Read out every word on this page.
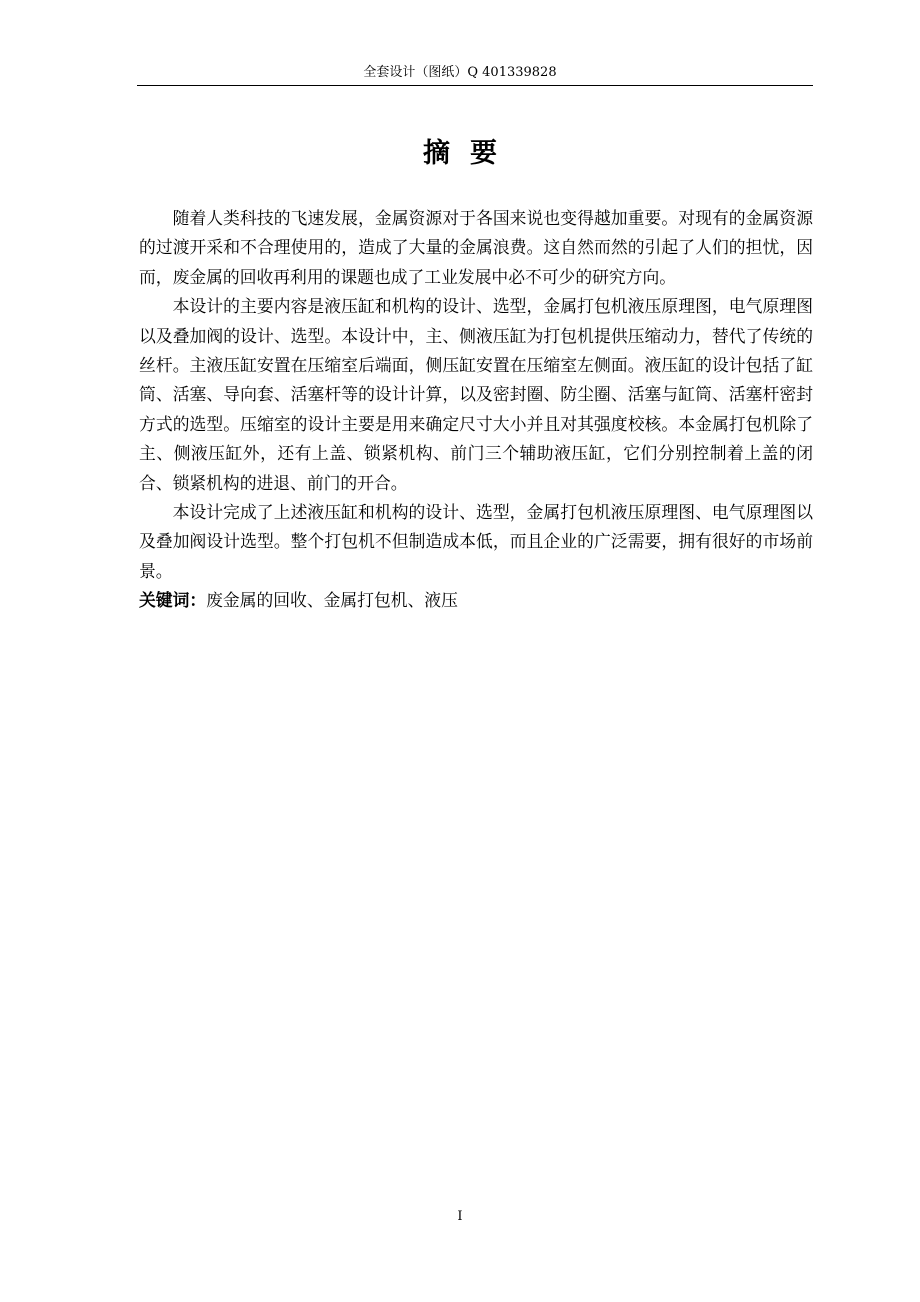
全套设计（图纸）Q 401339828
摘要

随着人类科技的飞速发展，金属资源对于各国来说也变得越加重要。对现有的金属资源的过渡开采和不合理使用的，造成了大量的金属浪费。这自然而然的引起了人们的担忧，因而，废金属的回收再利用的课题也成了工业发展中必不可少的研究方向。

本设计的主要内容是液压缸和机构的设计、选型，金属打包机液压原理图，电气原理图以及叠加阀的设计、选型。本设计中，主、侧液压缸为打包机提供压缩动力，替代了传统的丝杆。主液压缸安置在压缩室后端面，侧压缸安置在压缩室左侧面。液压缸的设计包括了缸筒、活塞、导向套、活塞杆等的设计计算，以及密封圈、防尘圈、活塞与缸筒、活塞杆密封方式的选型。压缩室的设计主要是用来确定尺寸大小并且对其强度校核。本金属打包机除了主、侧液压缸外，还有上盖、锁紧机构、前门三个辅助液压缸，它们分别控制着上盖的闭合、锁紧机构的进退、前门的开合。

本设计完成了上述液压缸和机构的设计、选型，金属打包机液压原理图、电气原理图以及叠加阀设计选型。整个打包机不但制造成本低，而且企业的广泛需要，拥有很好的市场前景。

关键词：废金属的回收、金属打包机、液压

I
